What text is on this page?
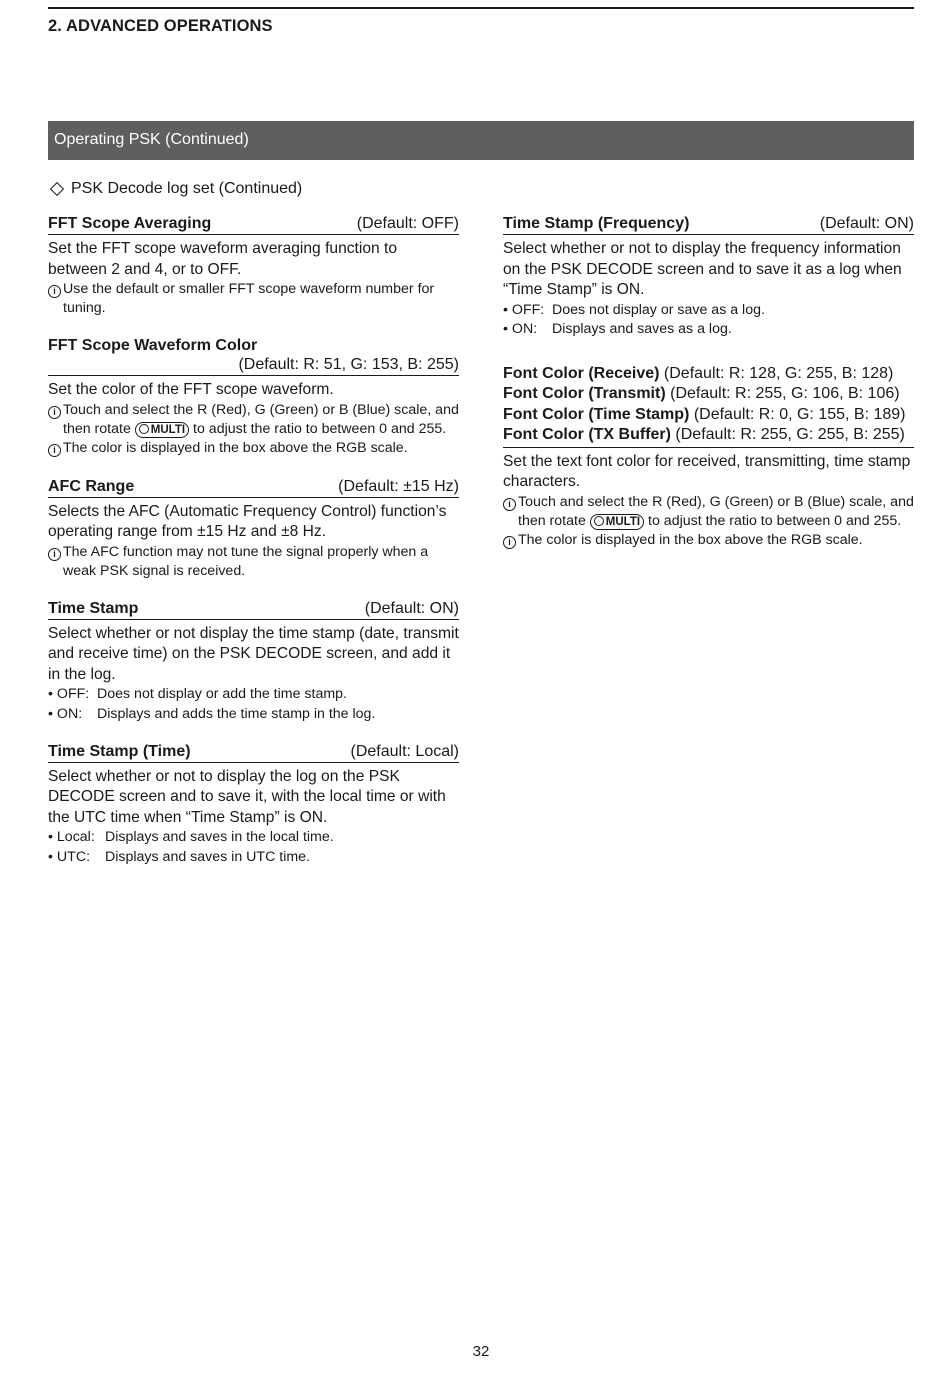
2. ADVANCED OPERATIONS
Operating PSK (Continued)
PSK Decode log set (Continued)
FFT Scope Averaging	(Default: OFF)
Set the FFT scope waveform averaging function to between 2 and 4, or to OFF.
i Use the default or smaller FFT scope waveform number for tuning.
FFT Scope Waveform Color
(Default: R: 51, G: 153, B: 255)
Set the color of the FFT scope waveform.
i Touch and select the R (Red), G (Green) or B (Blue) scale, and then rotate MULTI to adjust the ratio to between 0 and 255.
i The color is displayed in the box above the RGB scale.
AFC Range	(Default: ±15 Hz)
Selects the AFC (Automatic Frequency Control) function’s operating range from ±15 Hz and ±8 Hz.
i The AFC function may not tune the signal properly when a weak PSK signal is received.
Time Stamp	(Default: ON)
Select whether or not display the time stamp (date, transmit and receive time) on the PSK DECODE screen, and add it in the log.
• OFF: Does not display or add the time stamp.
• ON:	Displays and adds the time stamp in the log.
Time Stamp (Time)	(Default: Local)
Select whether or not to display the log on the PSK DECODE screen and to save it, with the local time or with the UTC time when “Time Stamp” is ON.
• Local: Displays and saves in the local time.
• UTC:	Displays and saves in UTC time.
Time Stamp (Frequency)	(Default: ON)
Select whether or not to display the frequency information on the PSK DECODE screen and to save it as a log when “Time Stamp” is ON.
• OFF: Does not display or save as a log.
• ON:	Displays and saves as a log.
Font Color (Receive) (Default: R: 128, G: 255, B: 128)
Font Color (Transmit) (Default: R: 255, G: 106, B: 106)
Font Color (Time Stamp) (Default: R: 0, G: 155, B: 189)
Font Color (TX Buffer) (Default: R: 255, G: 255, B: 255)
Set the text font color for received, transmitting, time stamp characters.
i Touch and select the R (Red), G (Green) or B (Blue) scale, and then rotate MULTI to adjust the ratio to between 0 and 255.
i The color is displayed in the box above the RGB scale.
32
